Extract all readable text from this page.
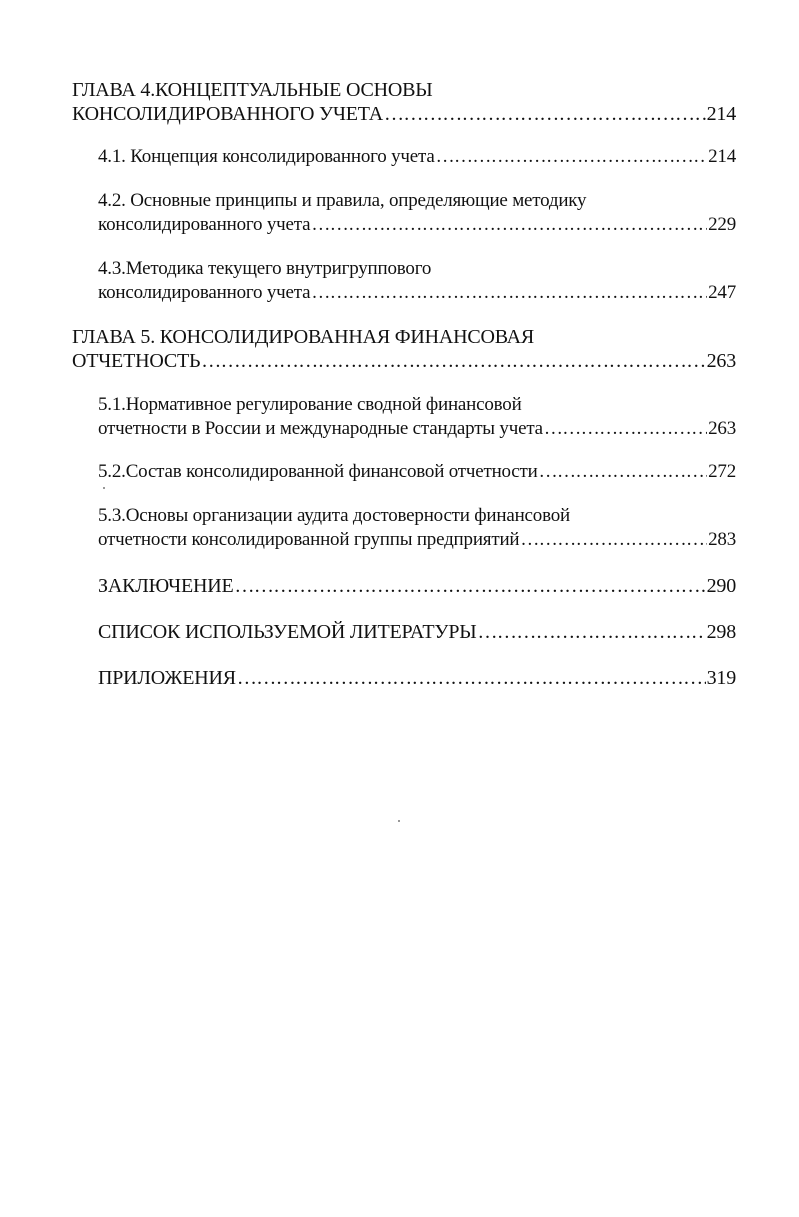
ГЛАВА 4.КОНЦЕПТУАЛЬНЫЕ ОСНОВЫ
КОНСОЛИДИРОВАННОГО УЧЕТА …………………………………………………………………………………………………………………………………………………………………………	214
4.1. Концепция консолидированного учета …………………………………………………………………………………………………………………………………………………………………………	214
4.2. Основные принципы и правила, определяющие методику
консолидированного учета …………………………………………………………………………………………………………………………………………………………………………	229
4.3.Методика текущего внутригруппового
консолидированного учета …………………………………………………………………………………………………………………………………………………………………………	247
ГЛАВА 5. КОНСОЛИДИРОВАННАЯ ФИНАНСОВАЯ
ОТЧЕТНОСТЬ …………………………………………………………………………………………………………………………………………………………………………	263
5.1.Нормативное регулирование сводной финансовой
отчетности в России и международные стандарты учета …………………………………………………………………………………………………………………………………………………………………………	263
5.2.Состав консолидированной финансовой отчетности …………………………………………………………………………………………………………………………………………………………………………	272
5.3.Основы организации аудита достоверности финансовой
отчетности консолидированной группы предприятий …………………………………………………………………………………………………………………………………………………………………………	283
ЗАКЛЮЧЕНИЕ …………………………………………………………………………………………………………………………………………………………………………	290
СПИСОК ИСПОЛЬЗУЕМОЙ ЛИТЕРАТУРЫ …………………………………………………………………………………………………………………………………………………………………………	298
ПРИЛОЖЕНИЯ …………………………………………………………………………………………………………………………………………………………………………	319
